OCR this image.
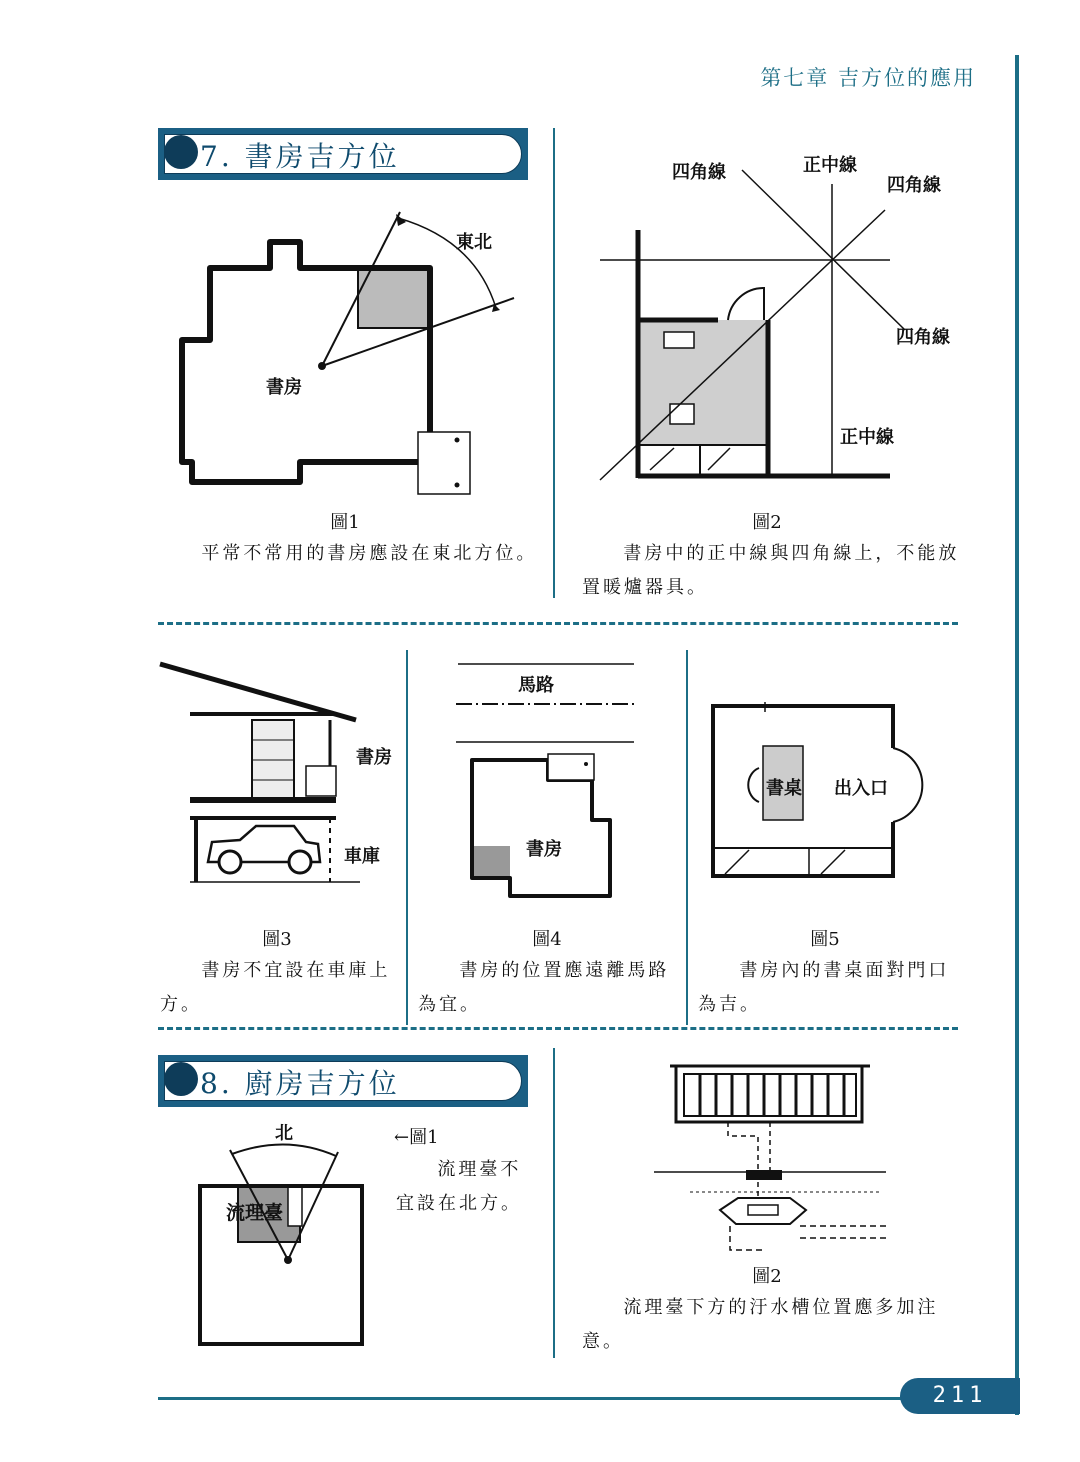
第七章 吉方位的應用
7. 書房吉方位
東北
書房
圖1
平常不常用的書房應設在東北方位。
四角線	正中線
四角線
四角線
正中線
圖2
書房中的正中線與四角線上，不能放置暖爐器具。
書房
車庫
圖3
書房不宜設在車庫上方。
馬路
書房
圖4
書房的位置應遠離馬路為宜。
書桌 出入口
圖5
書房內的書桌面對門口為吉。
8. 廚房吉方位
北
流理臺
←圖1
流理臺不宜設在北方。
圖2
流理臺下方的汙水槽位置應多加注意。
211
